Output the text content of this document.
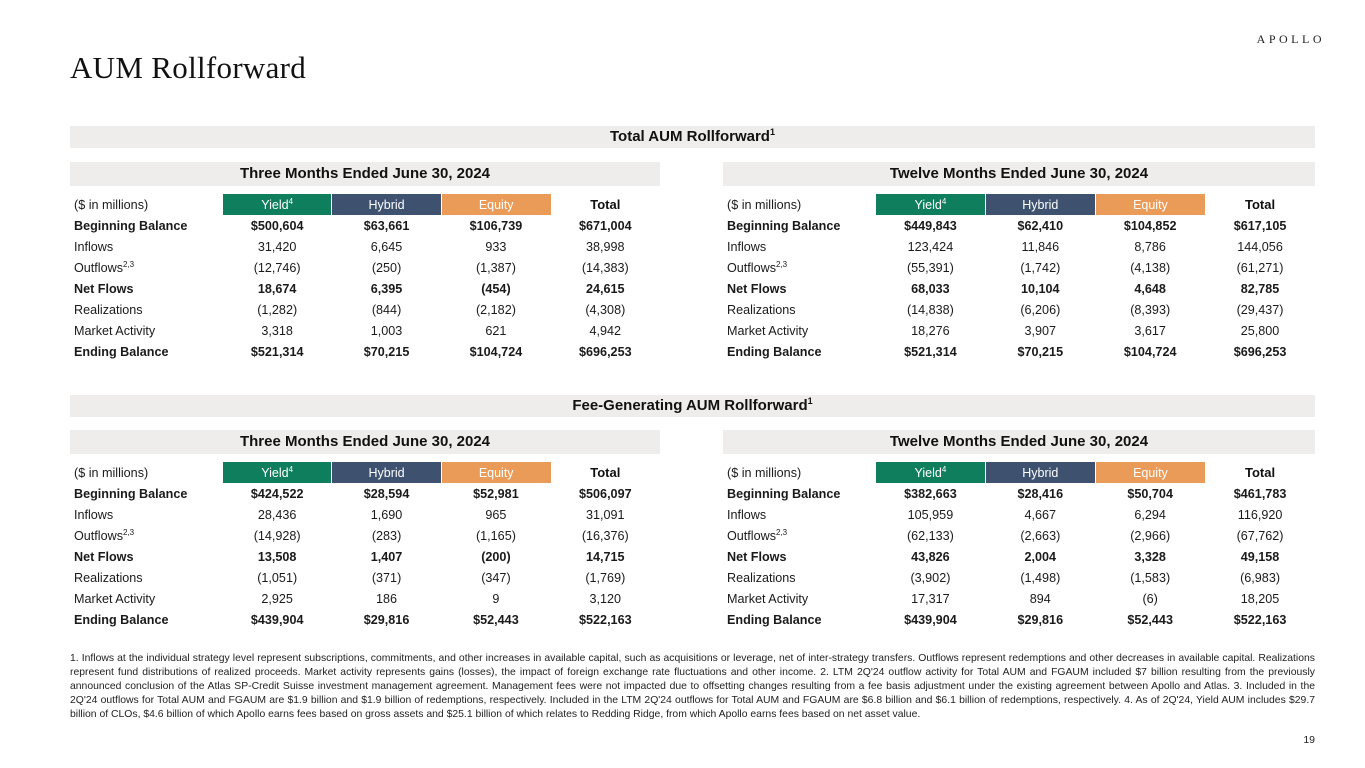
APOLLO
AUM Rollforward
Total AUM Rollforward$^1$
Three Months Ended June 30, 2024	Twelve Months Ended June 30, 2024
($ in millions)	Yield$^4$	Hybrid	Equity	Total
Beginning Balance	$500,604	$63,661	$106,739	$671,004
Inflows	31,420	6,645	933	38,998
Outflows$^{2,3}$	(12,746)	(250)	(1,387)	(14,383)
Net Flows	18,674	6,395	(454)	24,615
Realizations	(1,282)	(844)	(2,182)	(4,308)
Market Activity	3,318	1,003	621	4,942
Ending Balance	$521,314	$70,215	$104,724	$696,253
($ in millions)	Yield$^4$	Hybrid	Equity	Total
Beginning Balance	$449,843	$62,410	$104,852	$617,105
Inflows	123,424	11,846	8,786	144,056
Outflows$^{2,3}$	(55,391)	(1,742)	(4,138)	(61,271)
Net Flows	68,033	10,104	4,648	82,785
Realizations	(14,838)	(6,206)	(8,393)	(29,437)
Market Activity	18,276	3,907	3,617	25,800
Ending Balance	$521,314	$70,215	$104,724	$696,253
Fee-Generating AUM Rollforward$^1$
Three Months Ended June 30, 2024	Twelve Months Ended June 30, 2024
($ in millions)	Yield$^4$	Hybrid	Equity	Total
Beginning Balance	$424,522	$28,594	$52,981	$506,097
Inflows	28,436	1,690	965	31,091
Outflows$^{2,3}$	(14,928)	(283)	(1,165)	(16,376)
Net Flows	13,508	1,407	(200)	14,715
Realizations	(1,051)	(371)	(347)	(1,769)
Market Activity	2,925	186	9	3,120
Ending Balance	$439,904	$29,816	$52,443	$522,163
($ in millions)	Yield$^4$	Hybrid	Equity	Total
Beginning Balance	$382,663	$28,416	$50,704	$461,783
Inflows	105,959	4,667	6,294	116,920
Outflows$^{2,3}$	(62,133)	(2,663)	(2,966)	(67,762)
Net Flows	43,826	2,004	3,328	49,158
Realizations	(3,902)	(1,498)	(1,583)	(6,983)
Market Activity	17,317	894	(6)	18,205
Ending Balance	$439,904	$29,816	$52,443	$522,163
1. Inflows at the individual strategy level represent subscriptions, commitments, and other increases in available capital, such as acquisitions or leverage, net of inter-strategy transfers. Outflows represent redemptions and other decreases in available capital. Realizations represent fund distributions of realized proceeds. Market activity represents gains (losses), the impact of foreign exchange rate fluctuations and other income. 2. LTM 2Q'24 outflow activity for Total AUM and FGAUM included $7 billion resulting from the previously announced conclusion of the Atlas SP-Credit Suisse investment management agreement. Management fees were not impacted due to offsetting changes resulting from a fee basis adjustment under the existing agreement between Apollo and Atlas. 3. Included in the 2Q'24 outflows for Total AUM and FGAUM are $1.9 billion and $1.9 billion of redemptions, respectively. Included in the LTM 2Q'24 outflows for Total AUM and FGAUM are $6.8 billion and $6.1 billion of redemptions, respectively. 4. As of 2Q'24, Yield AUM includes $29.7 billion of CLOs, $4.6 billion of which Apollo earns fees based on gross assets and $25.1 billion of which relates to Redding Ridge, from which Apollo earns fees based on net asset value.
19
